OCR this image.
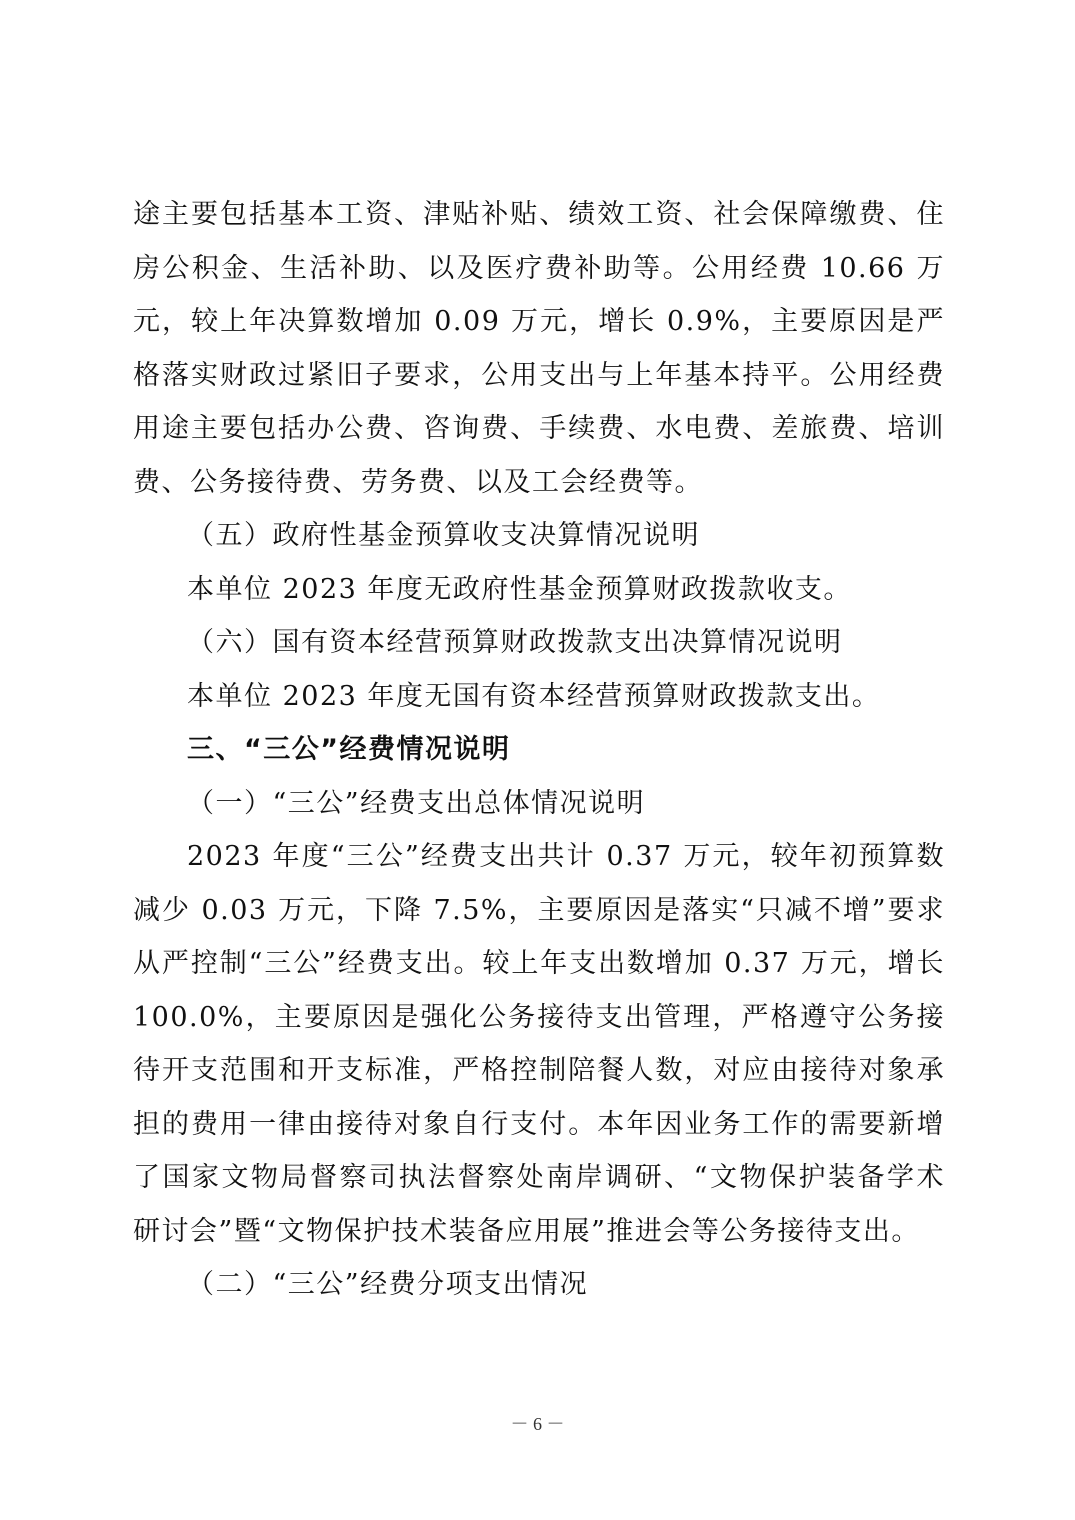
途主要包括基本工资、津贴补贴、绩效工资、社会保障缴费、住房公积金、生活补助、以及医疗费补助等。公用经费 10.66 万元，较上年决算数增加 0.09 万元，增长 0.9%，主要原因是严格落实财政过紧旧子要求，公用支出与上年基本持平。公用经费用途主要包括办公费、咨询费、手续费、水电费、差旅费、培训费、公务接待费、劳务费、以及工会经费等。

（五）政府性基金预算收支决算情况说明

本单位 2023 年度无政府性基金预算财政拨款收支。

（六）国有资本经营预算财政拨款支出决算情况说明

本单位 2023 年度无国有资本经营预算财政拨款支出。

三、“三公”经费情况说明

（一）“三公”经费支出总体情况说明

2023 年度“三公”经费支出共计 0.37 万元，较年初预算数减少 0.03 万元，下降 7.5%，主要原因是落实“只减不增”要求从严控制“三公”经费支出。较上年支出数增加 0.37 万元，增长 100.0%，主要原因是强化公务接待支出管理，严格遵守公务接待开支范围和开支标准，严格控制陪餐人数，对应由接待对象承担的费用一律由接待对象自行支付。本年因业务工作的需要新增了国家文物局督察司执法督察处南岸调研、“文物保护装备学术研讨会”暨“文物保护技术装备应用展”推进会等公务接待支出。

（二）“三公”经费分项支出情况

－ 6 －
